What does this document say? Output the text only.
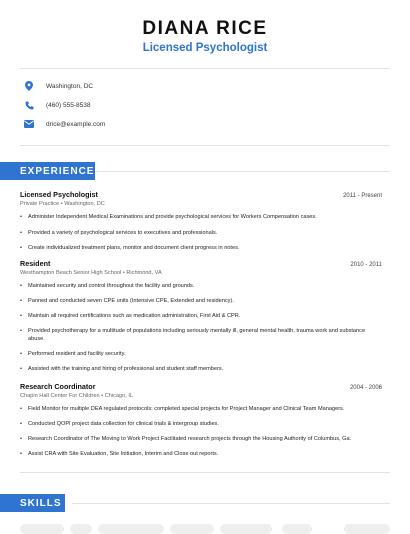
DIANA RICE
Licensed Psychologist
Washington, DC
(460) 555-8538
drice@example.com
EXPERIENCE
Licensed Psychologist	2011 - Present
Private Practice • Washington, DC
• Administer Independent Medical Examinations and provide psychological services for Workers Compensation cases.
• Provided a variety of psychological services to executives and professionals.
• Create individualized treatment plans, monitor and document client progress in notes.
Resident	2010 - 2011
Westhampton Beach Senior High School • Richmond, VA
• Maintained security and control throughout the facility and grounds.
• Panned and conducted seven CPE units (Intensive CPE, Extended and residency).
• Maintain all required certifications such as medication administration, First Aid & CPR.
• Provided psychotherapy for a multitude of populations including seriously mentally ill, general mental health, trauma work and substance abuse.
• Performed resident and facility security.
• Assisted with the training and hiring of professional and student staff members.
Research Coordinator	2004 - 2006
Chapin Hall Center For Children • Chicago, IL
• Field Monitor for multiple DEA regulated protocols; completed special projects for Project Manager and Clinical Team Managers.
• Conducted QOPI project data collection for clinical trials & intergroup studies.
• Research Coordinator of The Moving to Work Project Facilitated research projects through the Housing Authority of Columbus, Ga.
• Assist CRA with Site Evaluation, Site Initiation, Interim and Close out reports.
SKILLS
